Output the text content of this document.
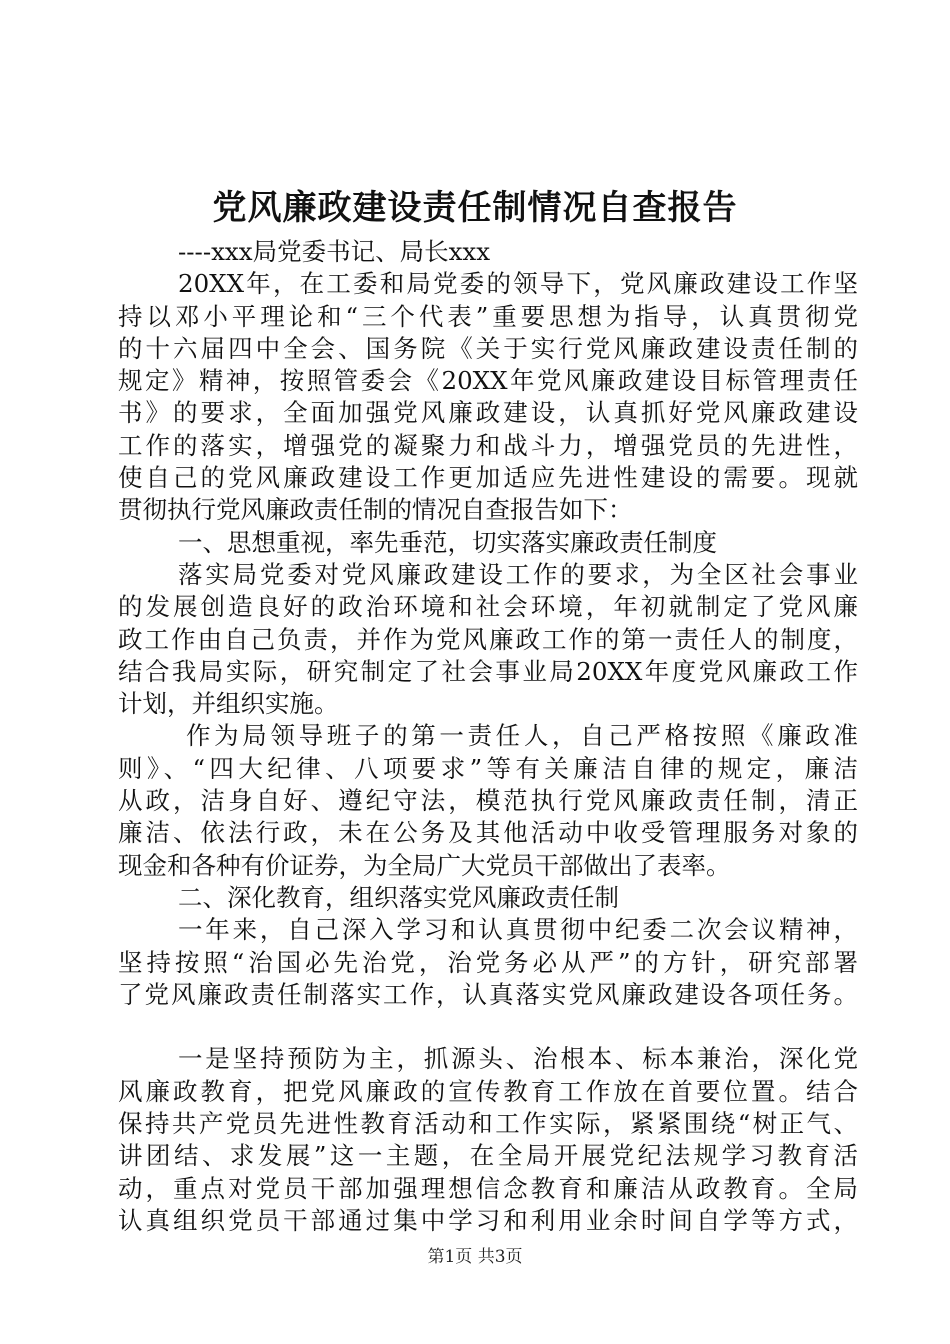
党风廉政建设责任制情况自查报告
----xxx局党委书记、局长xxx
20XX年，在工委和局党委的领导下，党风廉政建设工作坚
持以邓小平理论和“三个代表”重要思想为指导，认真贯彻党
的十六届四中全会、国务院《关于实行党风廉政建设责任制的
规定》精神，按照管委会《20XX年党风廉政建设目标管理责任
书》的要求，全面加强党风廉政建设，认真抓好党风廉政建设
工作的落实，增强党的凝聚力和战斗力，增强党员的先进性，
使自己的党风廉政建设工作更加适应先进性建设的需要。现就
贯彻执行党风廉政责任制的情况自查报告如下：
一、思想重视，率先垂范，切实落实廉政责任制度
落实局党委对党风廉政建设工作的要求，为全区社会事业
的发展创造良好的政治环境和社会环境，年初就制定了党风廉
政工作由自己负责，并作为党风廉政工作的第一责任人的制度，
结合我局实际，研究制定了社会事业局20XX年度党风廉政工作
计划，并组织实施。
作为局领导班子的第一责任人，自己严格按照《廉政准
则》、“四大纪律、八项要求”等有关廉洁自律的规定，廉洁
从政，洁身自好、遵纪守法，模范执行党风廉政责任制，清正
廉洁、依法行政，未在公务及其他活动中收受管理服务对象的
现金和各种有价证券，为全局广大党员干部做出了表率。
二、深化教育，组织落实党风廉政责任制
一年来，自己深入学习和认真贯彻中纪委二次会议精神，
坚持按照“治国必先治党，治党务必从严”的方针，研究部署
了党风廉政责任制落实工作，认真落实党风廉政建设各项任务。
一是坚持预防为主，抓源头、治根本、标本兼治，深化党
风廉政教育，把党风廉政的宣传教育工作放在首要位置。结合
保持共产党员先进性教育活动和工作实际，紧紧围绕“树正气、
讲团结、求发展”这一主题，在全局开展党纪法规学习教育活
动，重点对党员干部加强理想信念教育和廉洁从政教育。全局
认真组织党员干部通过集中学习和利用业余时间自学等方式，
第1页 共3页
